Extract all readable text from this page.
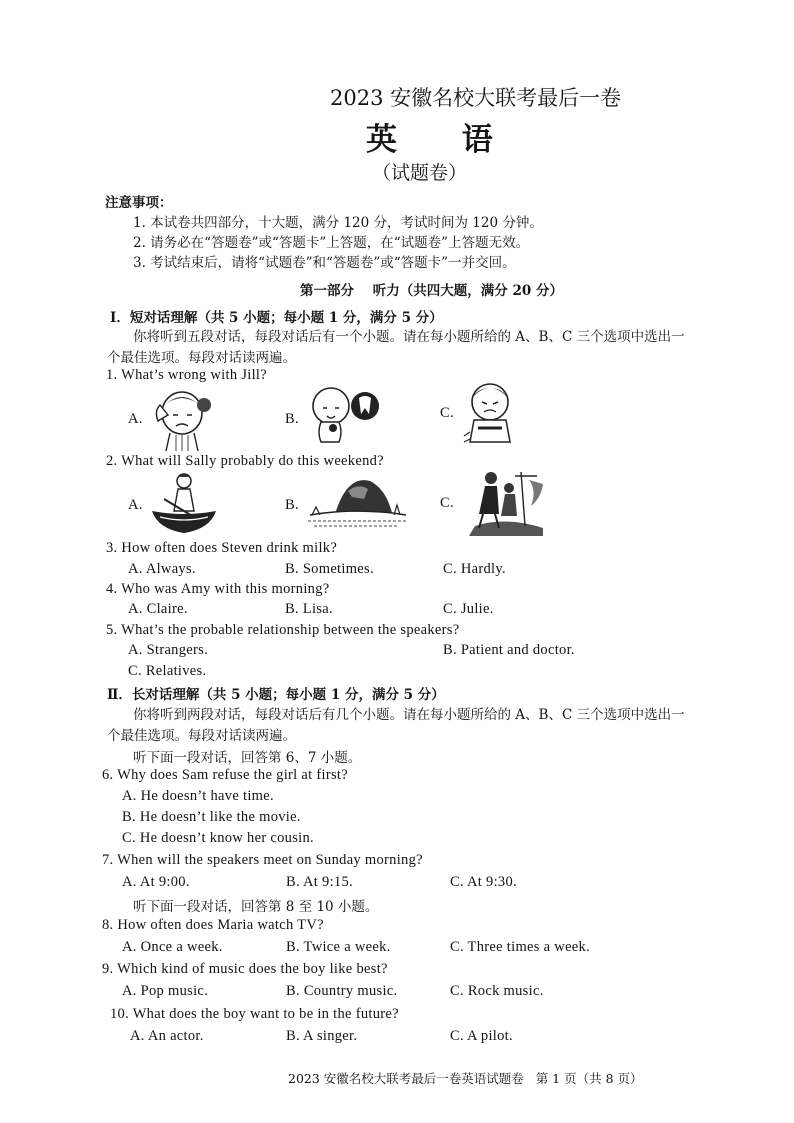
2023 安徽名校大联考最后一卷
英      语
（试题卷）
注意事项：
1. 本试卷共四部分，十大题，满分 120 分，考试时间为 120 分钟。
2. 请务必在“答题卷”或“答题卡”上答题，在“试题卷”上答题无效。
3. 考试结束后，请将“试题卷”和“答题卷”或“答题卡”一并交回。
第一部分    听力（共四大题，满分 20 分）
Ⅰ．短对话理解（共 5 小题；每小题 1 分，满分 5 分）
你将听到五段对话，每段对话后有一个小题。请在每小题所给的 A、B、C 三个选项中选出一
个最佳选项。每段对话读两遍。
1. What’s wrong with Jill?
A.	B.	C.
2. What will Sally probably do this weekend?
A.	B.	C.
3. How often does Steven drink milk?
A. Always.	B. Sometimes.	C. Hardly.
4. Who was Amy with this morning?
A. Claire.	B. Lisa.	C. Julie.
5. What’s the probable relationship between the speakers?
A. Strangers.	B. Patient and doctor.
C. Relatives.
Ⅱ．长对话理解（共 5 小题；每小题 1 分，满分 5 分）
你将听到两段对话，每段对话后有几个小题。请在每小题所给的 A、B、C 三个选项中选出一
个最佳选项。每段对话读两遍。
听下面一段对话，回答第 6、7 小题。
6. Why does Sam refuse the girl at first?
A. He doesn’t have time.
B. He doesn’t like the movie.
C. He doesn’t know her cousin.
7. When will the speakers meet on Sunday morning?
A. At 9:00.	B. At 9:15.	C. At 9:30.
听下面一段对话，回答第 8 至 10 小题。
8. How often does Maria watch TV?
A. Once a week.	B. Twice a week.	C. Three times a week.
9. Which kind of music does the boy like best?
A. Pop music.	B. Country music.	C. Rock music.
10. What does the boy want to be in the future?
A. An actor.	B. A singer.	C. A pilot.
2023 安徽名校大联考最后一卷英语试题卷   第 1 页（共 8 页）
